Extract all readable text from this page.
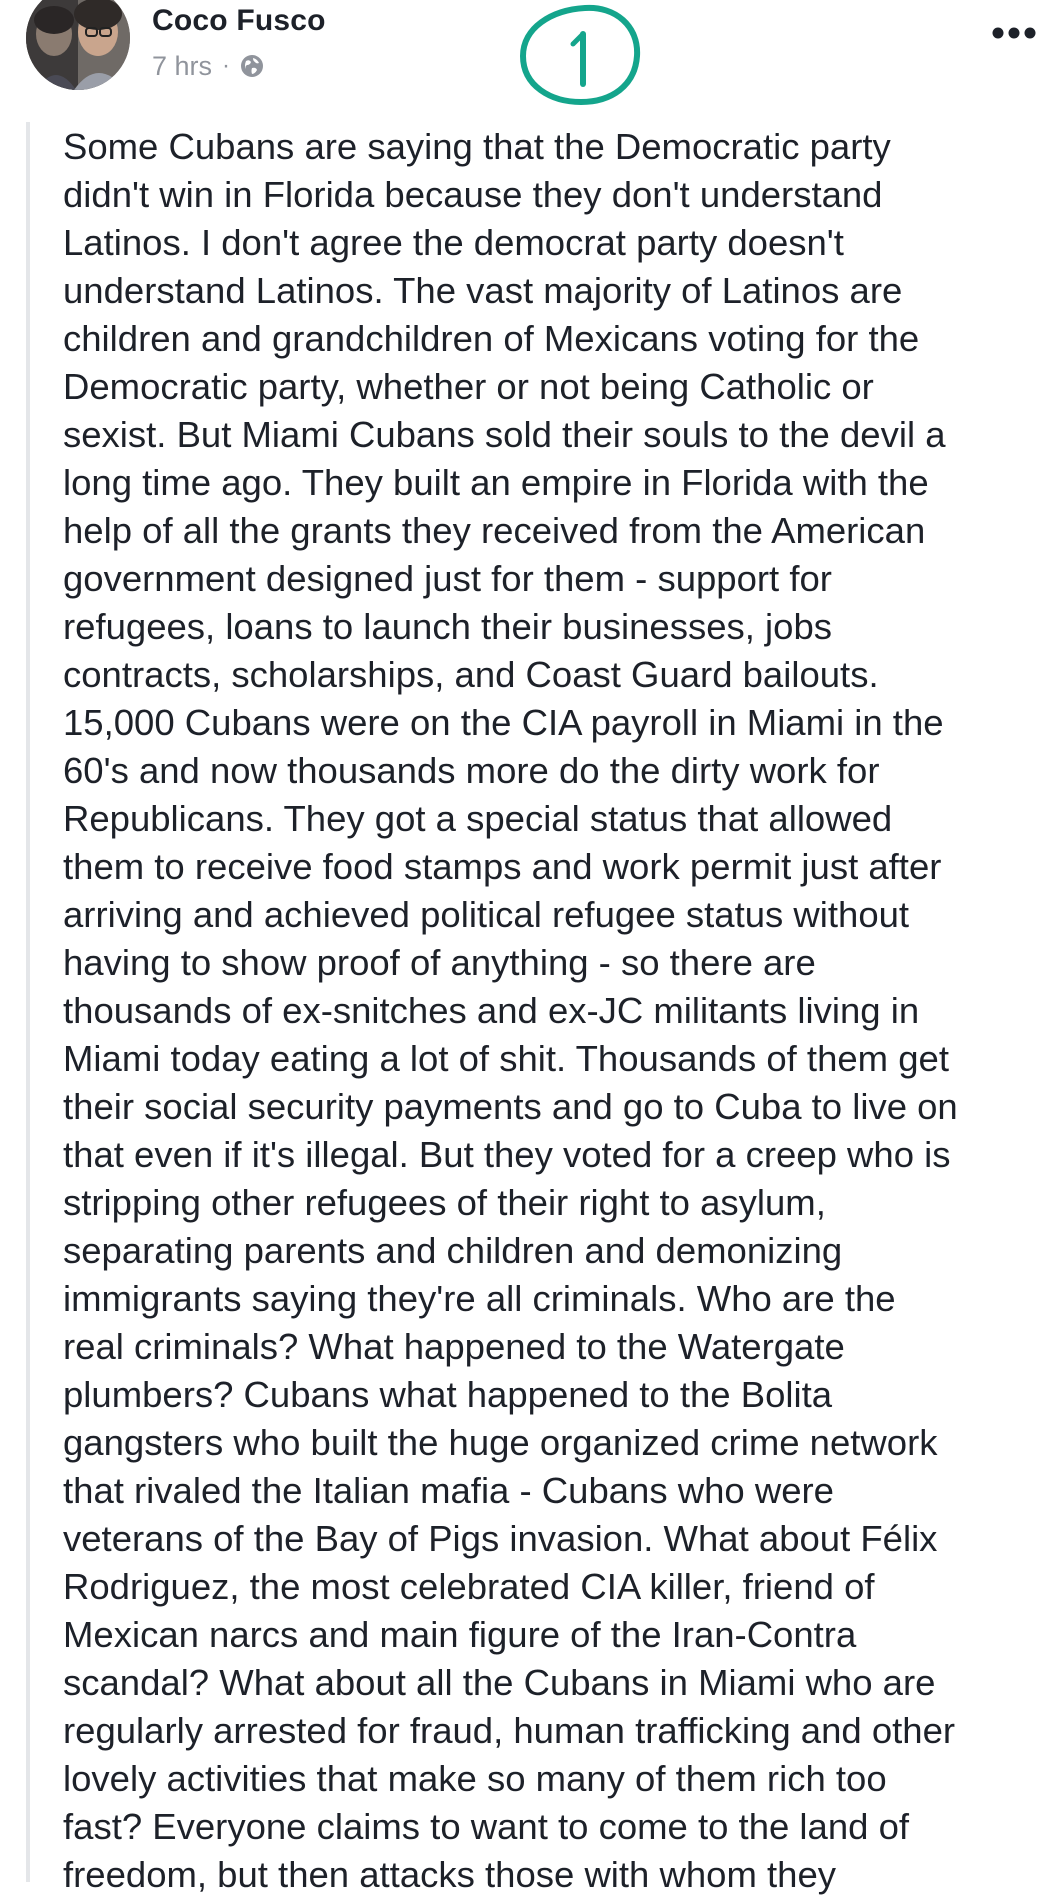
Coco Fusco
7 hrs ·

Some Cubans are saying that the Democratic party
didn't win in Florida because they don't understand
Latinos. I don't agree the democrat party doesn't
understand Latinos. The vast majority of Latinos are
children and grandchildren of Mexicans voting for the
Democratic party, whether or not being Catholic or
sexist. But Miami Cubans sold their souls to the devil a
long time ago. They built an empire in Florida with the
help of all the grants they received from the American
government designed just for them - support for
refugees, loans to launch their businesses, jobs
contracts, scholarships, and Coast Guard bailouts.
15,000 Cubans were on the CIA payroll in Miami in the
60's and now thousands more do the dirty work for
Republicans. They got a special status that allowed
them to receive food stamps and work permit just after
arriving and achieved political refugee status without
having to show proof of anything - so there are
thousands of ex-snitches and ex-JC militants living in
Miami today eating a lot of shit. Thousands of them get
their social security payments and go to Cuba to live on
that even if it's illegal. But they voted for a creep who is
stripping other refugees of their right to asylum,
separating parents and children and demonizing
immigrants saying they're all criminals. Who are the
real criminals? What happened to the Watergate
plumbers? Cubans what happened to the Bolita
gangsters who built the huge organized crime network
that rivaled the Italian mafia - Cubans who were
veterans of the Bay of Pigs invasion. What about Félix
Rodriguez, the most celebrated CIA killer, friend of
Mexican narcs and main figure of the Iran-Contra
scandal? What about all the Cubans in Miami who are
regularly arrested for fraud, human trafficking and other
lovely activities that make so many of them rich too
fast? Everyone claims to want to come to the land of
freedom, but then attacks those with whom they
